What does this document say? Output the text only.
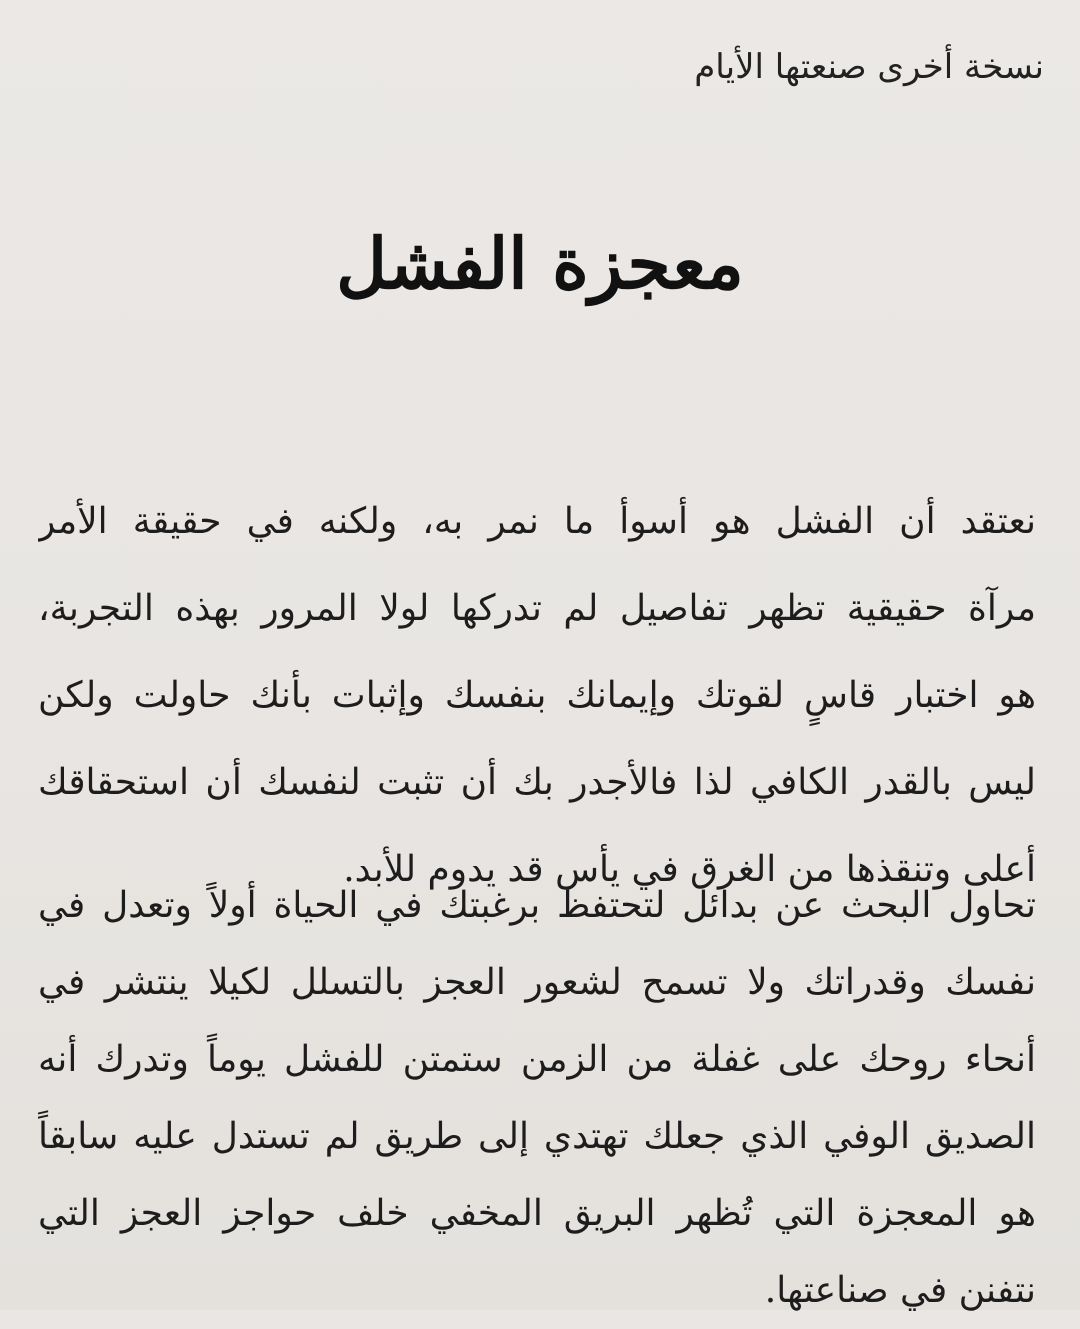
نسخة أخرى صنعتها الأيام
معجزة الفشل
نعتقد أن الفشل هو أسوأ ما نمر به، ولكنه في حقيقة الأمر
مرآة حقيقية تظهر تفاصيل لم تدركها لولا المرور بهذه التجربة،
هو اختبار قاسٍ لقوتك وإيمانك بنفسك وإثبات بأنك حاولت ولكن
ليس بالقدر الكافي لذا فالأجدر بك أن تثبت لنفسك أن استحقاقك
أعلى وتنقذها من الغرق في يأس قد يدوم للأبد.
تحاول البحث عن بدائل لتحتفظ برغبتك في الحياة أولاً وتعدل في
نفسك وقدراتك ولا تسمح لشعور العجز بالتسلل لكيلا ينتشر في
أنحاء روحك على غفلة من الزمن ستمتن للفشل يوماً وتدرك أنه
الصديق الوفي الذي جعلك تهتدي إلى طريق لم تستدل عليه سابقاً
هو المعجزة التي تُظهر البريق المخفي خلف حواجز العجز التي
نتفنن في صناعتها.
